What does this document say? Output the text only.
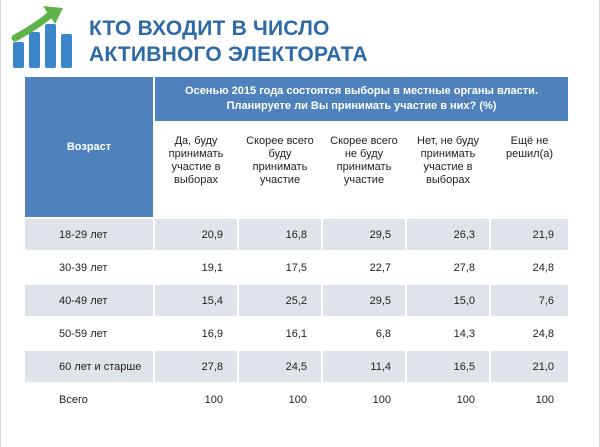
КТО ВХОДИТ В ЧИСЛО
АКТИВНОГО ЭЛЕКТОРАТА
Возраст	Осенью 2015 года состоятся выборы в местные органы власти. Планируете ли Вы принимать участие в них? (%)				
	Да, буду принимать участие в выборах	Скорее всего буду принимать участие	Скорее всего не буду принимать участие	Нет, не буду принимать участие в выборах	Ещё не решил(а)
18-29 лет	20,9	16,8	29,5	26,3	21,9
30-39 лет	19,1	17,5	22,7	27,8	24,8
40-49 лет	15,4	25,2	29,5	15,0	7,6
50-59 лет	16,9	16,1	6,8	14,3	24,8
60 лет и старше	27,8	24,5	11,4	16,5	21,0
Всего	100	100	100	100	100
